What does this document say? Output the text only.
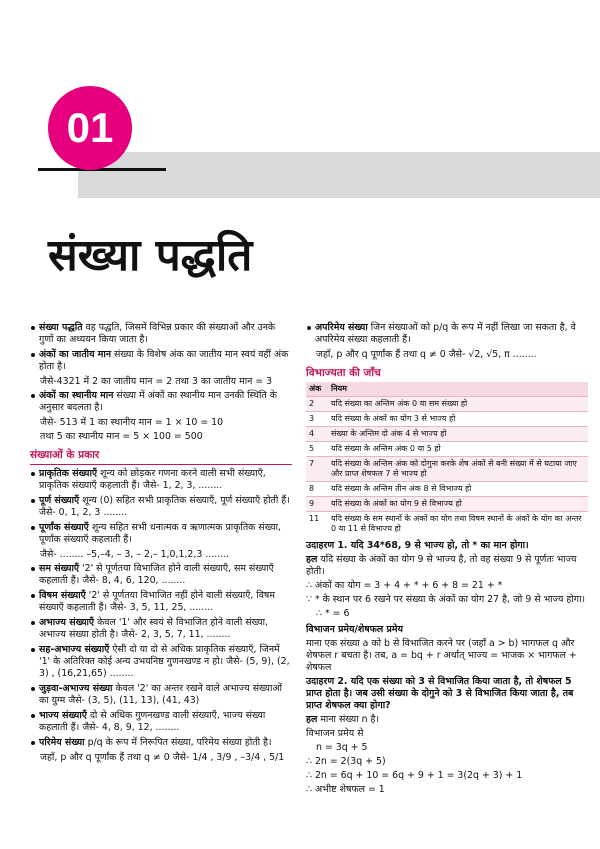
01
संख्या पद्धति
संख्या पद्धति वह पद्धति, जिसमें विभिन्न प्रकार की संख्याओं और उनके गुणों का अध्ययन किया जाता है।
अंकों का जातीय मान संख्या के विशेष अंक का जातीय मान स्वयं वहीं अंक होता है।
जैसे-4321 में 2 का जातीय मान = 2 तथा 3 का जातीय मान = 3
अंकों का स्थानीय मान संख्या में अंकों का स्थानीय मान उनकी स्थिति के अनुसार बदलता है।
जैसे- 513 में 1 का स्थानीय मान = 1 × 10 = 10
तथा 5 का स्थानीय मान = 5 × 100 = 500
संख्याओं के प्रकार
प्राकृतिक संख्याएँ शून्य को छोड़कर गणना करने वाली सभी संख्याएँ, प्राकृतिक संख्याएँ कहलाती हैं। जैसे- 1, 2, 3, ........
पूर्ण संख्याएँ शून्य (0) सहित सभी प्राकृतिक संख्याएँ, पूर्ण संख्याएँ होती हैं। जैसे- 0, 1, 2, 3 ........
पूर्णांक संख्याएँ शून्य सहित सभी धनात्मक व ऋणात्मक प्राकृतिक संख्या, पूर्णांक संख्याएँ कहलाती हैं।
जैसे- ........ –5,–4, – 3, – 2,– 1,0,1,2,3 ........
सम संख्याएँ '2' से पूर्णतया विभाजित होने वाली संख्याएँ, सम संख्याएँ कहलाती हैं। जैसे- 8, 4, 6, 120, ........
विषम संख्याएँ '2' से पूर्णतया विभाजित नहीं होने वाली संख्याएँ, विषम संख्याएँ कहलाती हैं। जैसे- 3, 5, 11, 25, ........
अभाज्य संख्याएँ केवल '1' और स्वयं से विभाजित होने वाली संख्या, अभाज्य संख्या होती है। जैसे- 2, 3, 5, 7, 11, ........
सह-अभाज्य संख्याएँ ऐसी दो या दो से अधिक प्राकृतिक संख्याएँ, जिनमें '1' के अतिरिक्त कोई अन्य उभयनिष्ठ गुणनखण्ड न हो। जैसे- (5, 9), (2, 3) , (16,21,65) ........
जुड़वा-अभाज्य संख्या केवल '2' का अन्तर रखने वाले अभाज्य संख्याओं का युग्म जैसे- (3, 5), (11, 13), (41, 43)
भाज्य संख्याएँ दो से अधिक गुणनखण्ड वाली संख्याएँ, भाज्य संख्या कहलाती हैं। जैसे- 4, 8, 9, 12, ........
परिमेय संख्या p/q के रूप में निरूपित संख्या, परिमेय संख्या होती है।
जहाँ, p और q पूर्णांक हैं तथा q ≠ 0 जैसे- 1/4 , 3/9 , –3/4 , 5/1
अपरिमेय संख्या जिन संख्याओं को p/q के रूप में नहीं लिखा जा सकता है, वे अपरिमेय संख्या कहलाती हैं।
जहाँ, p और q पूर्णांक हैं तथा q ≠ 0 जैसे- √2, √5, π ........
विभाज्यता की जाँच
अंक	नियम
2	यदि संख्या का अन्तिम अंक 0 या सम संख्या हो
3	यदि संख्या के अंकों का योग 3 से भाज्य हो
4	संख्या के अन्तिम दो अंक 4 से भाज्य हो
5	यदि संख्या के अन्तिम अंक 0 या 5 हो
7	यदि संख्या के अन्तिम अंक को दोगुना करके शेष अंकों से बनी संख्या में से घटाया जाए और प्राप्त शेषफल 7 से भाज्य हो
8	यदि संख्या के अन्तिम तीन अंक 8 से विभाज्य हो
9	यदि संख्या के अंकों का योग 9 से विभाज्य हो
11	यदि संख्या के सम स्थानों के अंकों का योग तथा विषम स्थानों के अंकों के योग का अन्तर 0 या 11 से विभाज्य हो
उदाहरण 1. यदि 34*68, 9 से भाज्य हो, तो * का मान होगा।
हल यदि संख्या के अंकों का योग 9 से भाज्य है, तो वह संख्या 9 से पूर्णतः भाज्य होती।
∴ अंकों का योग = 3 + 4 + * + 6 + 8 = 21 + *
∵ * के स्थान पर 6 रखने पर संख्या के अंकों का योग 27 है, जो 9 से भाज्य होगा।
∴ * = 6
विभाजन प्रमेय/शेषफल प्रमेय
माना एक संख्या a को b से विभाजित करने पर (जहाँ a > b) भागफल q और शेषफल r बचता है। तब, a = bq + r अर्थात् भाज्य = भाजक × भागफल + शेषफल
उदाहरण 2. यदि एक संख्या को 3 से विभाजित किया जाता है, तो शेषफल 5 प्राप्त होता है। जब उसी संख्या के दोगुने को 3 से विभाजित किया जाता है, तब प्राप्त शेषफल क्या होगा?
हल माना संख्या n है।
विभाजन प्रमेय से
n = 3q + 5
∴ 2n = 2(3q + 5)
∴ 2n = 6q + 10 = 6q + 9 + 1 = 3(2q + 3) + 1
∴ अभीष्ट शेषफल = 1
